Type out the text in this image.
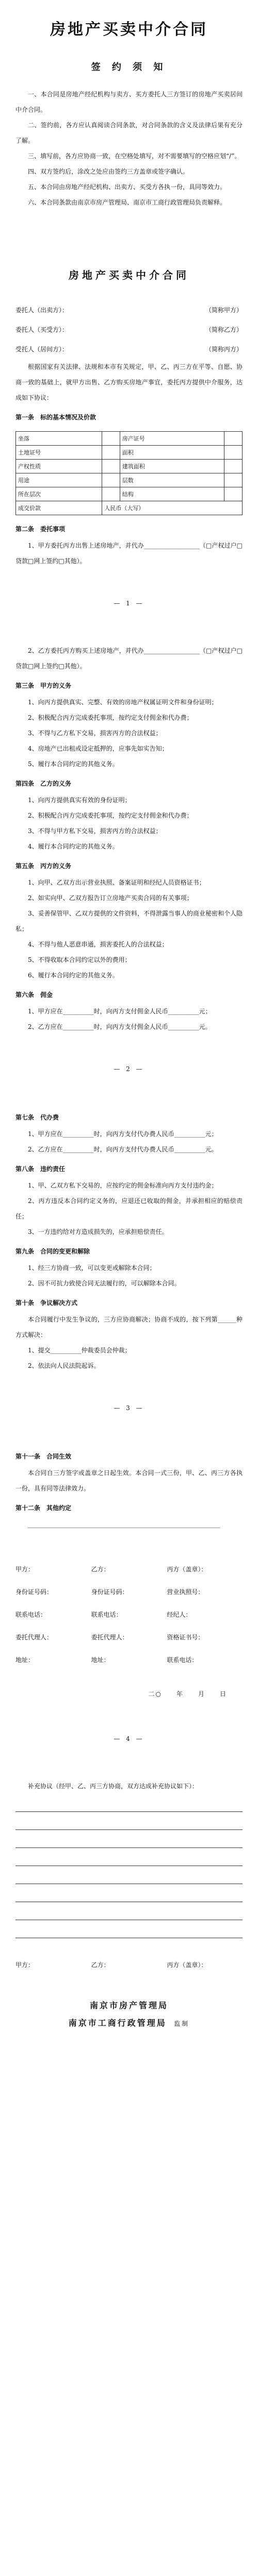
房地产买卖中介合同
签 约 须 知

一、本合同是房地产经纪机构与卖方、买方委托人三方签订的房地产买卖居间中介合同。

二、签约前，各方应认真阅读合同条款，对合同条款的含义及法律后果有充分了解。

三、填写前，各方应协商一致，在空格处填写，对不需要填写的空格应划“/”。

四、双方签约后，涂改之处应由签约三方盖章或签字确认。

五、本合同由房地产经纪机构、出卖方、买受方各执一份，具同等效力。

六、本合同条款由南京市房产管理局、南京市工商行政管理局负责解释。

房地产买卖中介合同
委托人（出卖方）：	（简称甲方）
委托人（买受方）：	（简称乙方）
受托人（居间方）：	（简称丙方）

根据国家有关法律、法规和本市有关规定，甲、乙、丙三方在平等、自愿、协商一致的基础上，就甲方出售、乙方购买房地产事宜，委托丙方提供中介服务，达成如下协议：

第一条　标的基本情况及价款
坐落		房产证号	
土地证号		面积	
产权性质		建筑面积	
用途		层数	
所在层次		结构	
成交价款	人民币（大写）		
第二条　委托事项

1、甲方委托丙方出售上述房地产，并代办__________________（□产权过户□贷款□网上签约□其他）。

— 1 —

2、乙方委托丙方购买上述房地产，并代办__________________（□产权过户□贷款□网上签约□其他）。

第三条　甲方的义务

1、向丙方提供真实、完整、有效的房地产权属证明文件和身份证明；

2、积极配合丙方完成委托事项，按约定支付佣金和代办费；

3、不得与乙方私下交易，损害丙方的合法权益；

4、房地产已出租或设定抵押的，应事先如实告知；

5、履行本合同约定的其他义务。

第四条　乙方的义务

1、向丙方提供真实有效的身份证明；

2、积极配合丙方完成委托事项，按约定支付佣金和代办费；

3、不得与甲方私下交易，损害丙方的合法权益；

4、履行本合同约定的其他义务。

第五条　丙方的义务

1、向甲、乙双方出示营业执照、备案证明和经纪人员资格证书；

2、如实向甲、乙双方报告订立房地产买卖合同的有关事项；

3、妥善保管甲、乙双方提供的文件资料，不得泄露当事人的商业秘密和个人隐私；

4、不得与他人恶意串通，损害委托人的合法权益；

5、不得收取本合同约定以外的费用；

6、履行本合同约定的其他义务。

第六条　佣金

1、甲方应在__________时，向丙方支付佣金人民币__________元；

2、乙方应在__________时，向丙方支付佣金人民币__________元。

— 2 —
第七条　代办费

1、甲方应在__________时，向丙方支付代办费人民币__________元；

2、乙方应在__________时，向丙方支付代办费人民币__________元。

第八条　违约责任

1、甲、乙双方私下交易的，应按约定的佣金标准向丙方支付违约金；

2、丙方违反本合同约定义务的，应退还已收取的佣金，并承担相应的赔偿责任；

3、一方违约给对方造成损失的，应承担赔偿责任。

第九条　合同的变更和解除

1、经三方协商一致，可以变更或解除本合同；

2、因不可抗力致使合同无法履行的，可以解除本合同。

第十条　争议解决方式

本合同履行中发生争议的，三方应协商解决；协商不成的，按下列第______种方式解决：

1、提交__________仲裁委员会仲裁；

2、依法向人民法院起诉。

— 3 —
第十一条　合同生效

本合同自三方签字或盖章之日起生效。本合同一式三份，甲、乙、丙三方各执一份，具有同等法律效力。

第十二条　其他约定

______________________________________________________________

甲方：	乙方：	丙方（盖章）：
身份证号码：	身份证号码：	营业执照号：
联系电话：	联系电话：	经纪人：
委托代理人：	委托代理人：	资格证书号：
地址：	地址：	联系电话：
二○　　年　　月　　日
— 4 —

补充协议（经甲、乙、丙三方协商，双方达成补充协议如下）：

甲方：	乙方：	丙方（盖章）：
南京市房产管理局
南京市工商行政管理局 监制
